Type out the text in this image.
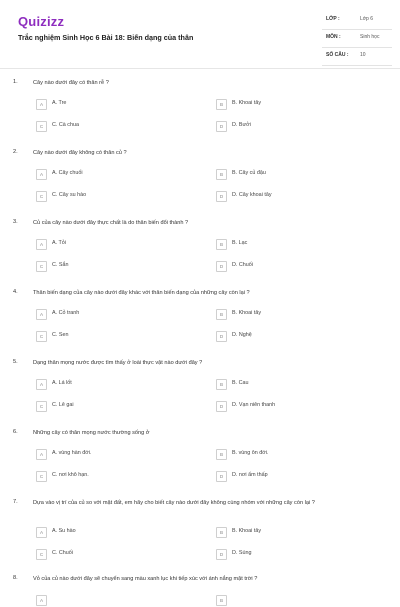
Quizizz
Trắc nghiệm Sinh Học 6 Bài 18: Biến dạng của thân
LỚP :	Lớp 6
MÔN :	Sinh học
SỐ CÂU : 10
1.	Cây nào dưới đây có thân rễ ?
A	A. Tre	B	B. Khoai tây
C	C. Cà chua	D	D. Bưởi
2.	Cây nào dưới đây không có thân củ ?
A	A. Cây chuối	B	B. Cây củ đậu
C	C. Cây su hào	D	D. Cây khoai tây
3.	Củ của cây nào dưới đây thực chất là do thân biến đổi thành ?
A	A. Tỏi	B	B. Lạc
C	C. Sắn	D	D. Chuối
4.	Thân biến dạng của cây nào dưới đây khác với thân biến dạng của những cây còn lại ?
A	A. Cỏ tranh	B	B. Khoai tây
C	C. Sen	D	D. Nghệ
5.	Dạng thân mọng nước được tìm thấy ở loài thực vật nào dưới đây ?
A	A. Lá lốt	B	B. Cau
C	C. Lê gai	D	D. Vạn niên thanh
6.	Những cây có thân mọng nước thường sống ở
A	A. vùng hàn đới.	B	B. vùng ôn đới.
C	C. nơi khô hạn.	D	D. nơi ẩm thấp
7.	Dựa vào vị trí của củ so với mặt đất, em hãy cho biết cây nào dưới đây không cùng nhóm với những cây còn lại ?
A	A. Su hào	B	B. Khoai tây
C	C. Chuối	D	D. Súng
8.	Vỏ của củ nào dưới đây sẽ chuyển sang màu xanh lục khi tiếp xúc với ánh nắng mặt trời ?
A	B
